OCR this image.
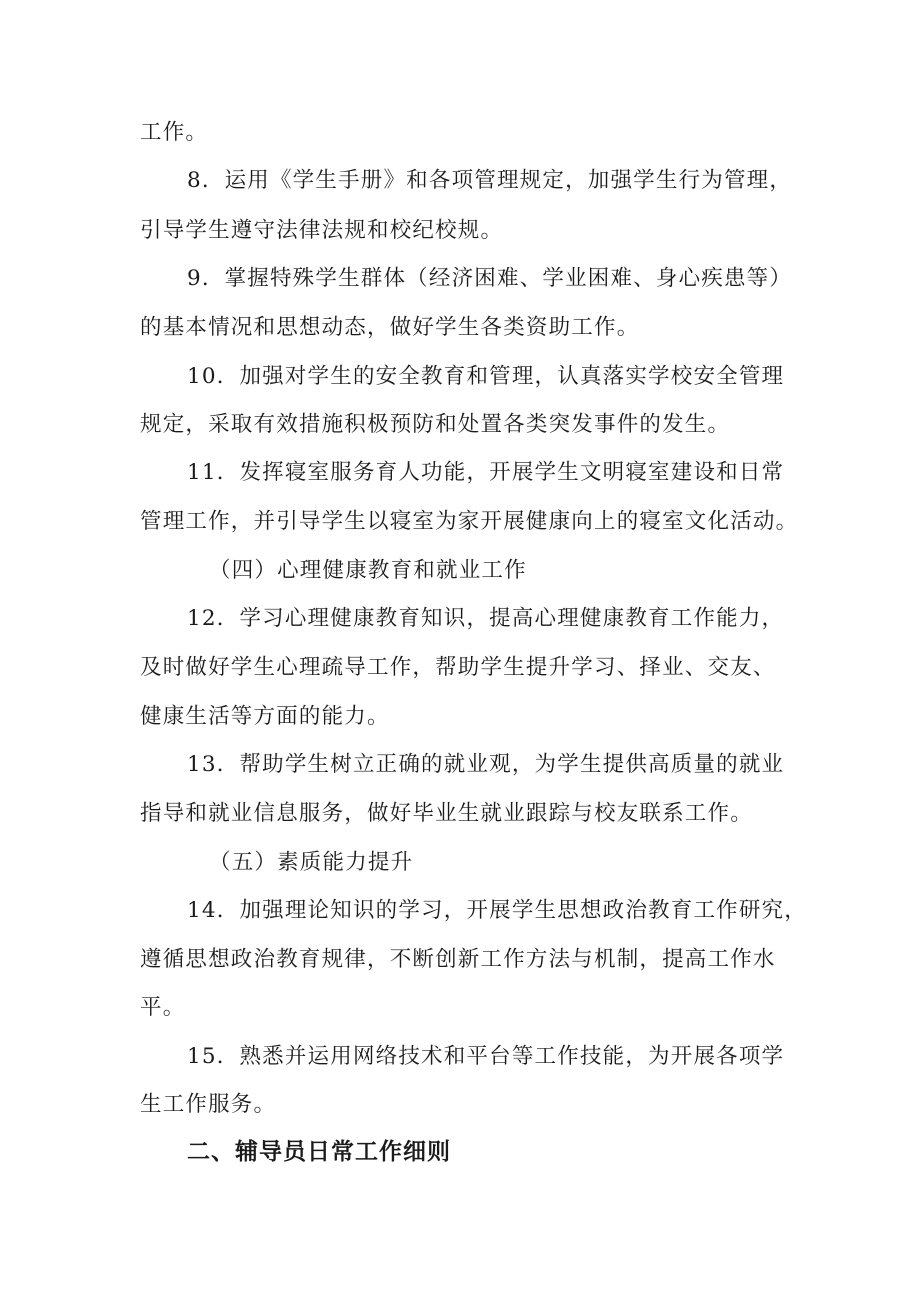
工作。
8．运用《学生手册》和各项管理规定，加强学生行为管理，
引导学生遵守法律法规和校纪校规。
9．掌握特殊学生群体（经济困难、学业困难、身心疾患等）
的基本情况和思想动态，做好学生各类资助工作。
10．加强对学生的安全教育和管理，认真落实学校安全管理
规定，采取有效措施积极预防和处置各类突发事件的发生。
11．发挥寝室服务育人功能，开展学生文明寝室建设和日常
管理工作，并引导学生以寝室为家开展健康向上的寝室文化活动。
（四）心理健康教育和就业工作
12．学习心理健康教育知识，提高心理健康教育工作能力，
及时做好学生心理疏导工作，帮助学生提升学习、择业、交友、
健康生活等方面的能力。
13．帮助学生树立正确的就业观，为学生提供高质量的就业
指导和就业信息服务，做好毕业生就业跟踪与校友联系工作。
（五）素质能力提升
14．加强理论知识的学习，开展学生思想政治教育工作研究，
遵循思想政治教育规律，不断创新工作方法与机制，提高工作水
平。
15．熟悉并运用网络技术和平台等工作技能，为开展各项学
生工作服务。
二、辅导员日常工作细则
